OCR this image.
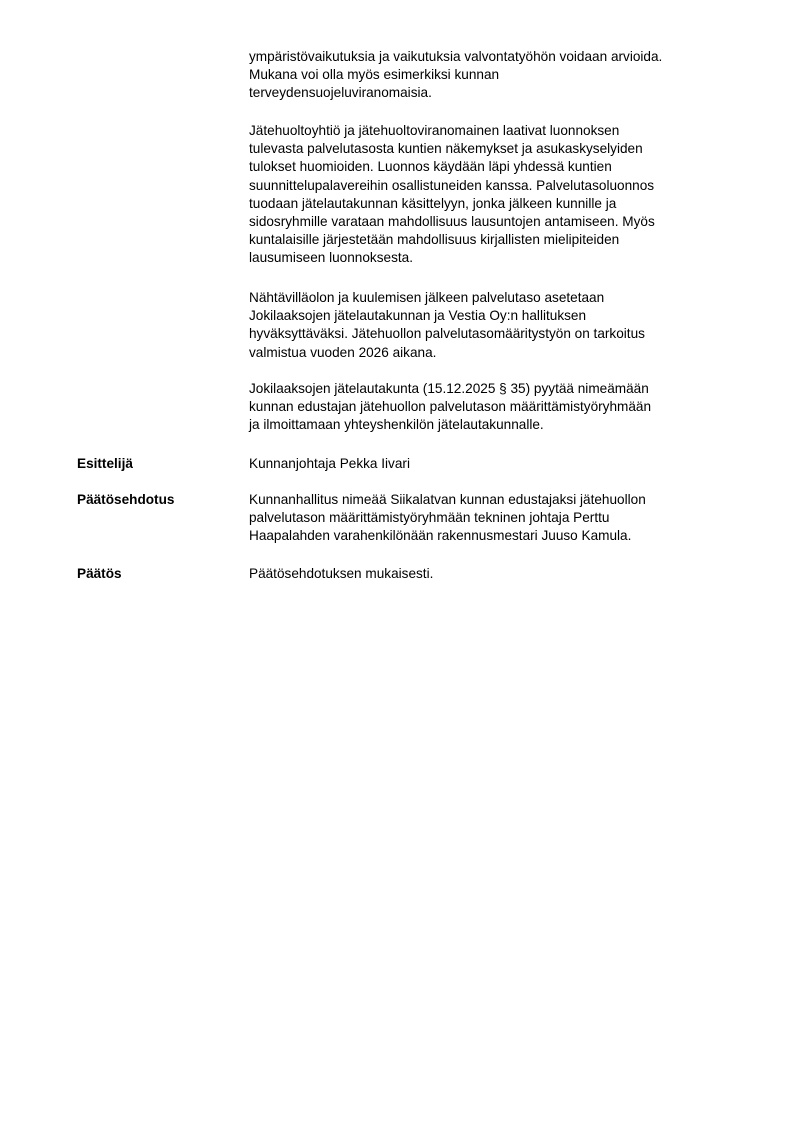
ympäristövaikutuksia ja vaikutuksia valvontatyöhön voidaan arvioida.
Mukana voi olla myös esimerkiksi kunnan
terveydensuojeluviranomaisia.
Jätehuoltoyhtiö ja jätehuoltoviranomainen laativat luonnoksen
tulevasta palvelutasosta kuntien näkemykset ja asukaskyselyiden
tulokset huomioiden. Luonnos käydään läpi yhdessä kuntien
suunnittelupalavereihin osallistuneiden kanssa. Palvelutasoluonnos
tuodaan jätelautakunnan käsittelyyn, jonka jälkeen kunnille ja
sidosryhmille varataan mahdollisuus lausuntojen antamiseen. Myös
kuntalaisille järjestetään mahdollisuus kirjallisten mielipiteiden
lausumiseen luonnoksesta.
Nähtävilläolon ja kuulemisen jälkeen palvelutaso asetetaan
Jokilaaksojen jätelautakunnan ja Vestia Oy:n hallituksen
hyväksyttäväksi. Jätehuollon palvelutasomääritystyön on tarkoitus
valmistua vuoden 2026 aikana.
Jokilaaksojen jätelautakunta (15.12.2025 § 35) pyytää nimeämään
kunnan edustajan jätehuollon palvelutason määrittämistyöryhmään
ja ilmoittamaan yhteyshenkilön jätelautakunnalle.
Esittelijä	Kunnanjohtaja Pekka Iivari
Päätösehdotus	Kunnanhallitus nimeää Siikalatvan kunnan edustajaksi jätehuollon
palvelutason määrittämistyöryhmään tekninen johtaja Perttu
Haapalahden varahenkilönään rakennusmestari Juuso Kamula.
Päätös	Päätösehdotuksen mukaisesti.
